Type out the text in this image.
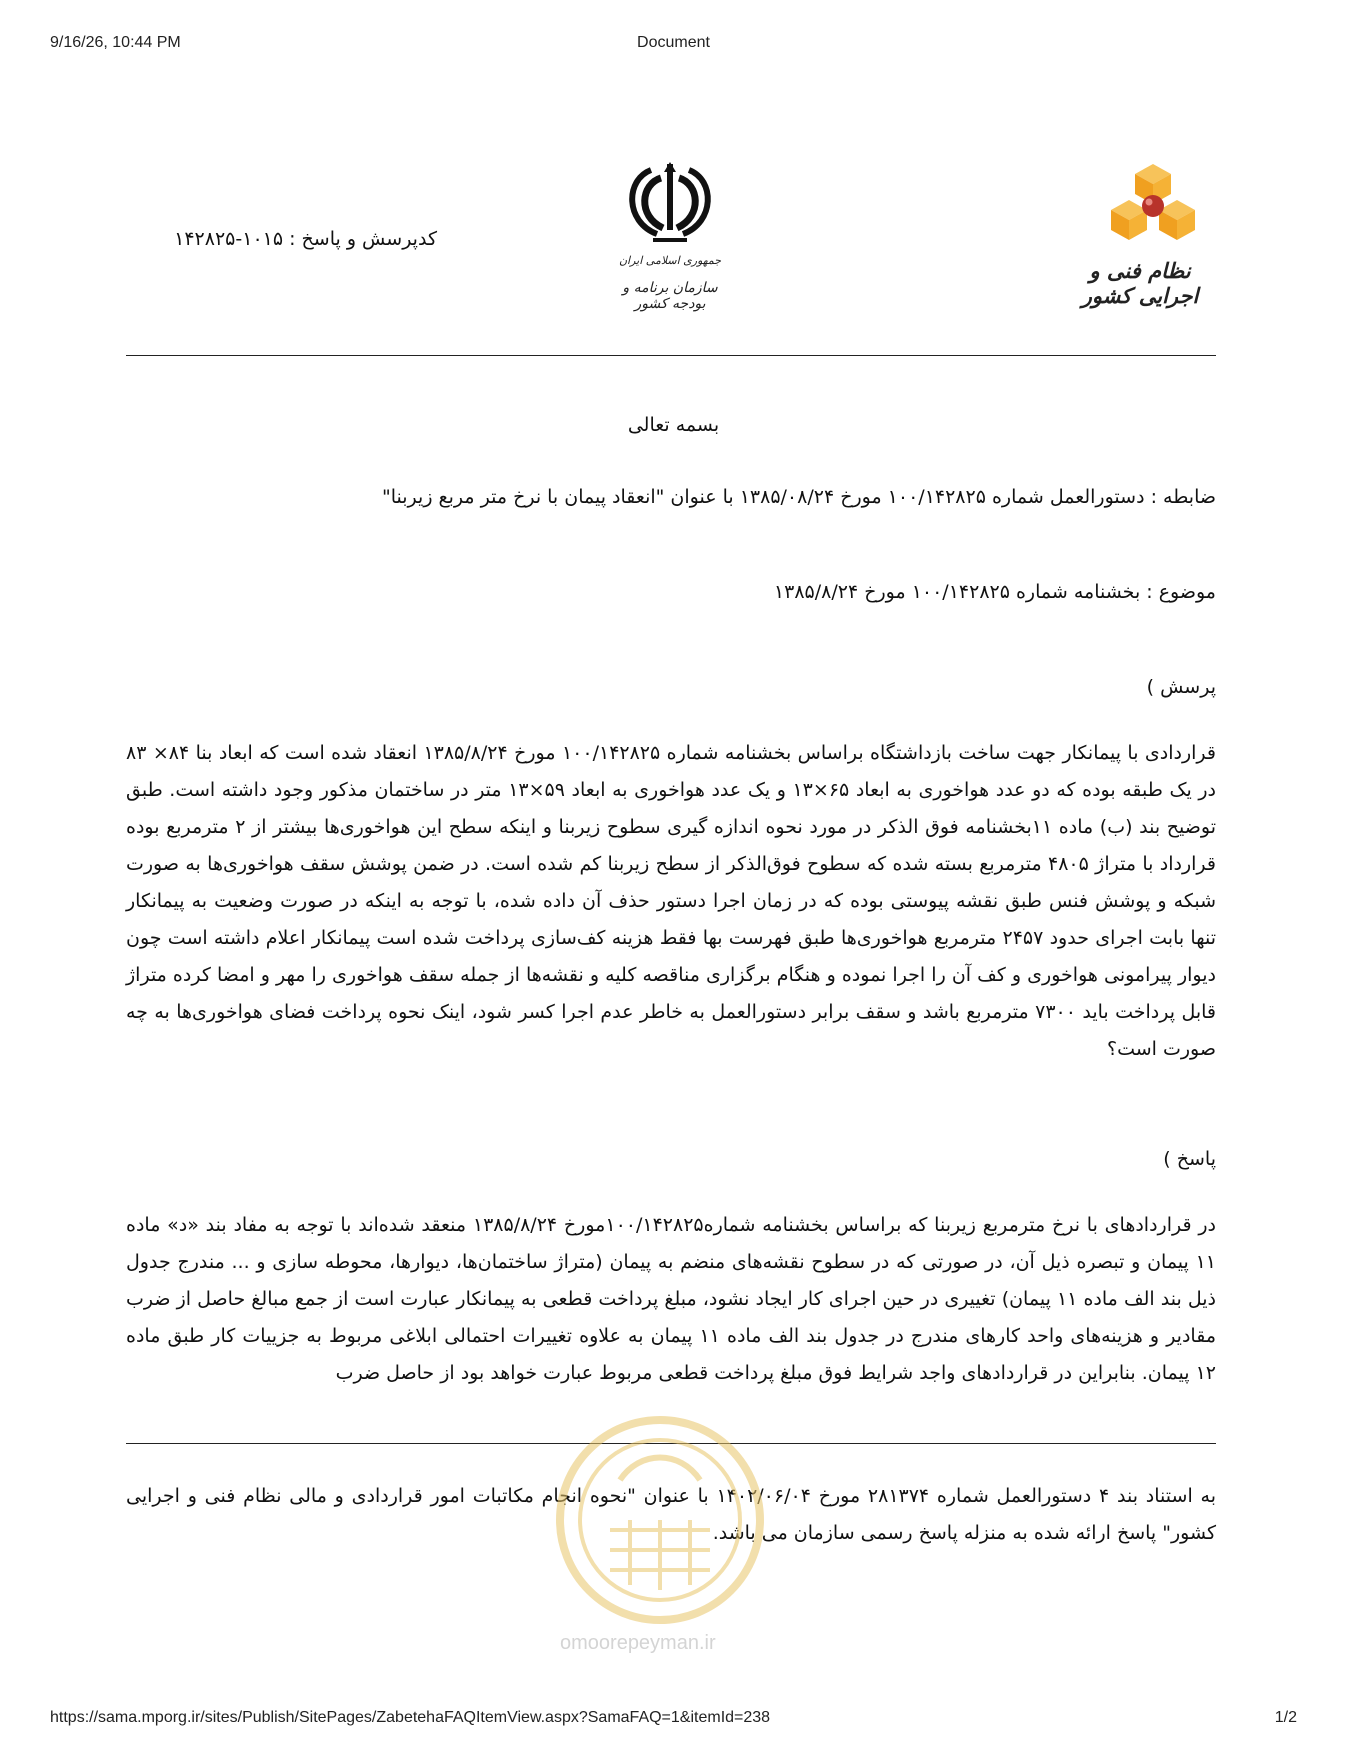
9/16/26, 10:44 PM	Document
کدپرسش و پاسخ : ۱۰۱۵-۱۴۲۸۲۵
جمهوری اسلامی ایران
سازمان برنامه و بودجه کشور
نظام فنی و اجرایی کشور
بسمه تعالی
ضابطه : دستورالعمل شماره ۱۰۰/۱۴۲۸۲۵ مورخ ۱۳۸۵/۰۸/۲۴ با عنوان "انعقاد پیمان با نرخ متر مربع زیربنا"
موضوع : بخشنامه شماره ۱۰۰/۱۴۲۸۲۵ مورخ ۱۳۸۵/۸/۲۴
پرسش )
قراردادی با پیمانکار جهت ساخت بازداشتگاه براساس بخشنامه شماره ۱۰۰/۱۴۲۸۲۵ مورخ ۱۳۸۵/۸/۲۴ انعقاد شده است که ابعاد بنا ۸۴× ۸۳ در یک طبقه بوده که دو عدد هواخوری به ابعاد ۶۵×۱۳ و یک عدد هواخوری به ابعاد ۵۹×۱۳ متر در ساختمان مذکور وجود داشته است. طبق توضیح بند (ب) ماده ۱۱بخشنامه فوق الذکر در مورد نحوه اندازه گیری سطوح زیربنا و اینکه سطح این هواخوری‌ها بیشتر از ۲ مترمربع بوده قرارداد با متراژ ۴۸۰۵ مترمربع بسته شده که سطوح فوق‌الذکر از سطح زیربنا کم شده است. در ضمن پوشش سقف هواخوری‌ها به صورت شبکه و پوشش فنس طبق نقشه پیوستی بوده که در زمان اجرا دستور حذف آن داده شده، با توجه به اینکه در صورت وضعیت به پیمانکار تنها بابت اجرای حدود ۲۴۵۷ مترمربع هواخوری‌ها طبق فهرست بها فقط هزینه کف‌سازی پرداخت شده است پیمانکار اعلام داشته است چون دیوار پیرامونی هواخوری و کف آن را اجرا نموده و هنگام برگزاری مناقصه کلیه و نقشه‌ها از جمله سقف هواخوری را مهر و امضا کرده متراژ قابل پرداخت باید ۷۳۰۰ مترمربع باشد و سقف برابر دستورالعمل به خاطر عدم اجرا کسر شود، اینک نحوه پرداخت فضای هواخوری‌ها به چه صورت است؟
پاسخ )
در قراردادهای با نرخ مترمربع زیربنا که براساس بخشنامه شماره۱۰۰/۱۴۲۸۲۵مورخ ۱۳۸۵/۸/۲۴ منعقد شده‌اند با توجه به مفاد بند «د» ماده ۱۱ پیمان و تبصره ذیل آن، در صورتی که در سطوح نقشه‌های منضم به پیمان (متراژ ساختمان‌ها، دیوارها، محوطه سازی و ... مندرج جدول ذیل بند الف ماده ۱۱ پیمان) تغییری در حین اجرای کار ایجاد نشود، مبلغ پرداخت قطعی به پیمانکار عبارت است از جمع مبالغ حاصل از ضرب مقادیر و هزینه‌های واحد کارهای مندرج در جدول بند الف ماده ۱۱ پیمان به علاوه تغییرات احتمالی ابلاغی مربوط به جزییات کار طبق ماده ۱۲ پیمان. بنابراین در قراردادهای واجد شرایط فوق مبلغ پرداخت قطعی مربوط عبارت خواهد بود از حاصل ضرب
به استناد بند ۴ دستورالعمل شماره ۲۸۱۳۷۴ مورخ ۱۴۰۲/۰۶/۰۴ با عنوان "نحوه انجام مکاتبات امور قراردادی و مالی نظام فنی و اجرایی کشور" پاسخ ارائه شده به منزله پاسخ رسمی سازمان می باشد.
omoorepeyman.ir
https://sama.mporg.ir/sites/Publish/SitePages/ZabetehaFAQItemView.aspx?SamaFAQ=1&itemId=238	1/2
